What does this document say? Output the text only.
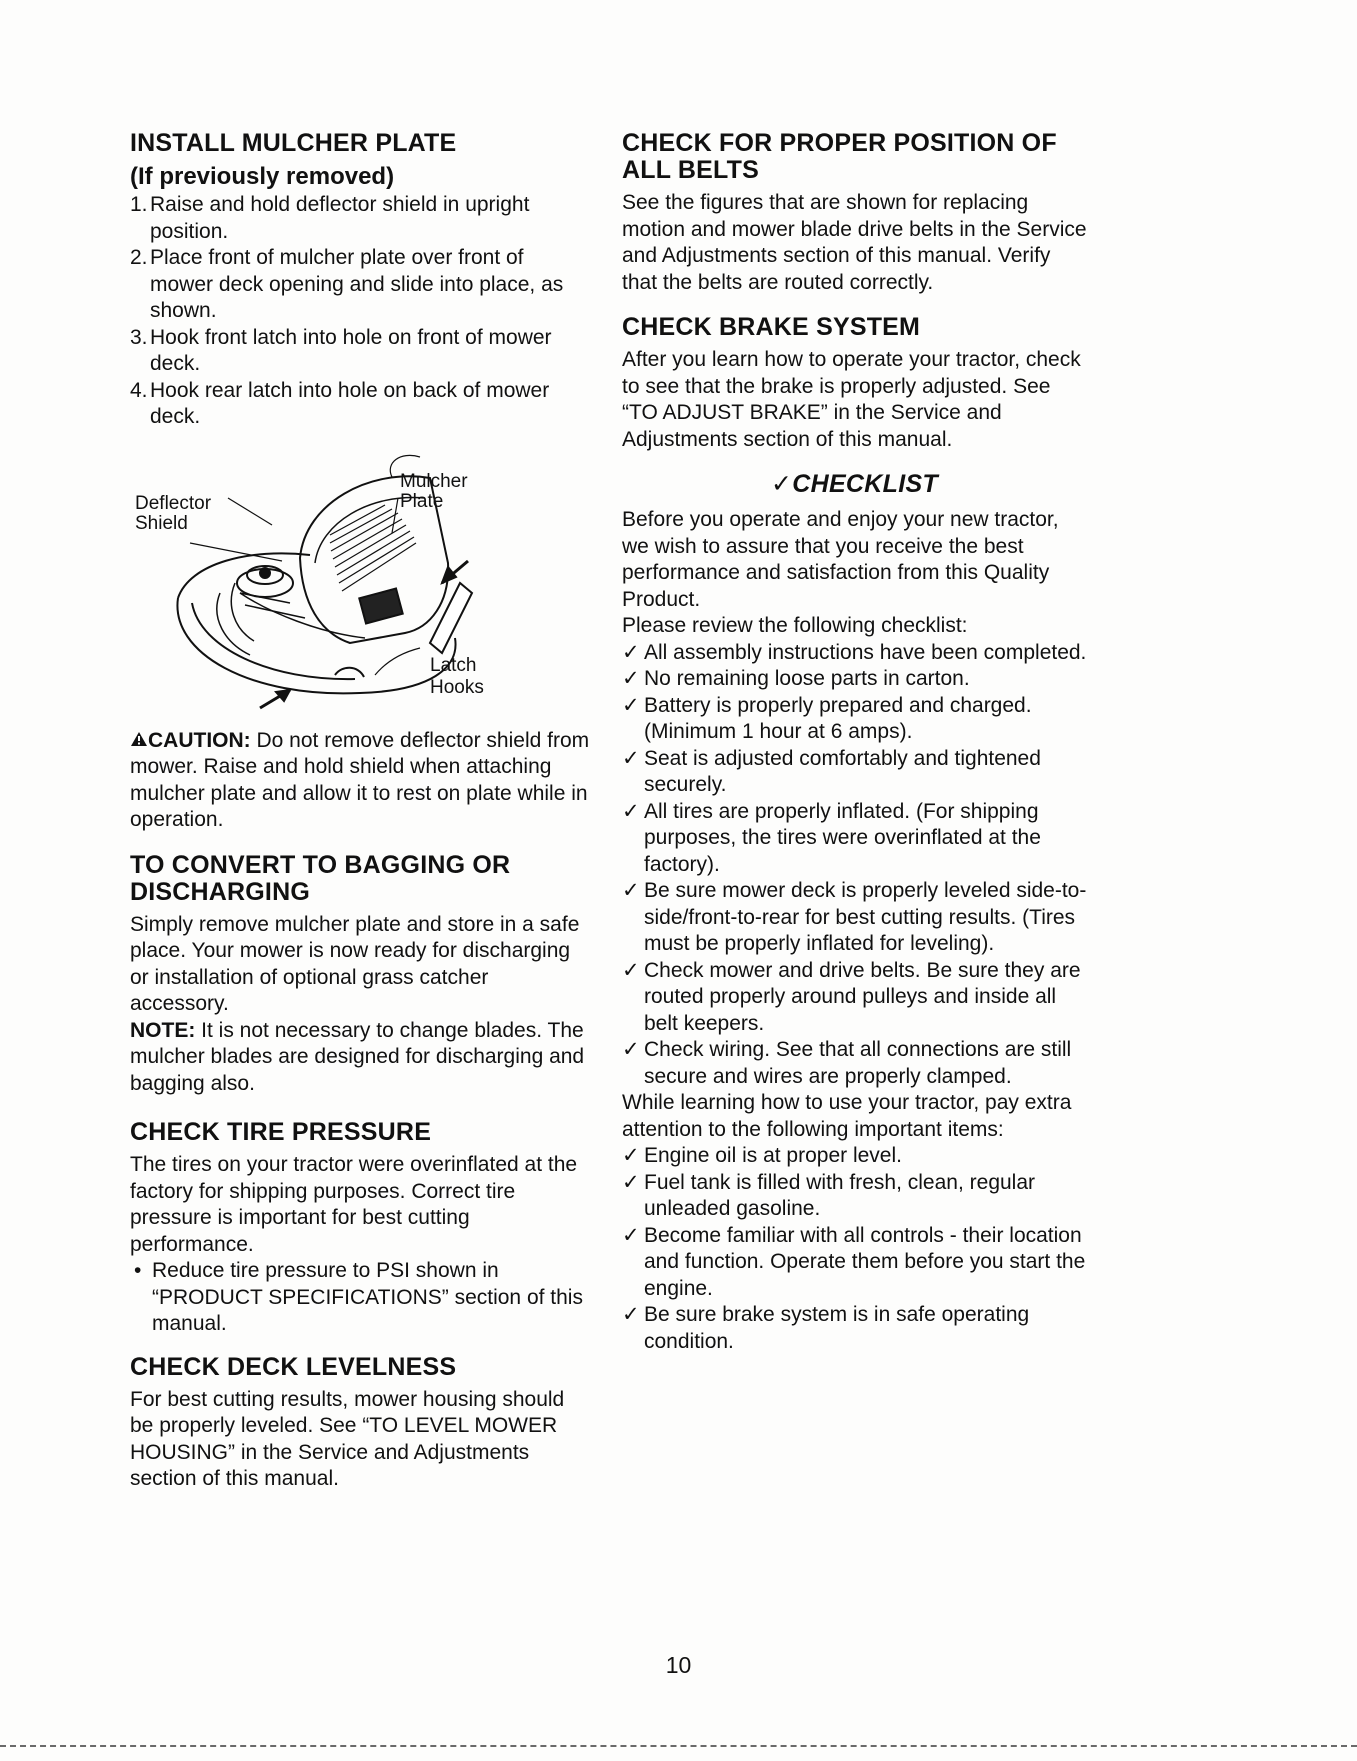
INSTALL MULCHER PLATE
(If previously removed)
1. Raise and hold deflector shield in upright position.
2. Place front of mulcher plate over front of mower deck opening and slide into place, as shown.
3. Hook front latch into hole on front of mower deck.
4. Hook rear latch into hole on back of mower deck.
Deflector
Shield
Mulcher
Plate
Latch
Hooks

CAUTION: Do not remove deflector shield from mower. Raise and hold shield when attaching mulcher plate and allow it to rest on plate while in operation.

TO CONVERT TO BAGGING OR DISCHARGING

Simply remove mulcher plate and store in a safe place. Your mower is now ready for discharging or installation of optional grass catcher accessory.

NOTE: It is not necessary to change blades. The mulcher blades are designed for discharging and bagging also.

CHECK TIRE PRESSURE

The tires on your tractor were overinflated at the factory for shipping purposes. Correct tire pressure is important for best cutting performance.

• Reduce tire pressure to PSI shown in “PRODUCT SPECIFICATIONS” section of this manual.
CHECK DECK LEVELNESS

For best cutting results, mower housing should be properly leveled. See “TO LEVEL MOWER HOUSING” in the Service and Adjustments section of this manual.

CHECK FOR PROPER POSITION OF ALL BELTS

See the figures that are shown for replacing motion and mower blade drive belts in the Service and Adjustments section of this manual. Verify that the belts are routed correctly.

CHECK BRAKE SYSTEM

After you learn how to operate your tractor, check to see that the brake is properly adjusted. See “TO ADJUST BRAKE” in the Service and Adjustments section of this manual.

✓CHECKLIST

Before you operate and enjoy your new tractor, we wish to assure that you receive the best performance and satisfaction from this Quality Product.

Please review the following checklist:

✓ All assembly instructions have been completed.
✓ No remaining loose parts in carton.
✓ Battery is properly prepared and charged. (Minimum 1 hour at 6 amps).
✓ Seat is adjusted comfortably and tightened securely.
✓ All tires are properly inflated. (For shipping purposes, the tires were overinflated at the factory).
✓ Be sure mower deck is properly leveled side-to-side/front-to-rear for best cutting results. (Tires must be properly inflated for leveling).
✓ Check mower and drive belts. Be sure they are routed properly around pulleys and inside all belt keepers.
✓ Check wiring. See that all connections are still secure and wires are properly clamped.

While learning how to use your tractor, pay extra attention to the following important items:

✓ Engine oil is at proper level.
✓ Fuel tank is filled with fresh, clean, regular unleaded gasoline.
✓ Become familiar with all controls - their location and function. Operate them before you start the engine.
✓ Be sure brake system is in safe operating condition.
10
